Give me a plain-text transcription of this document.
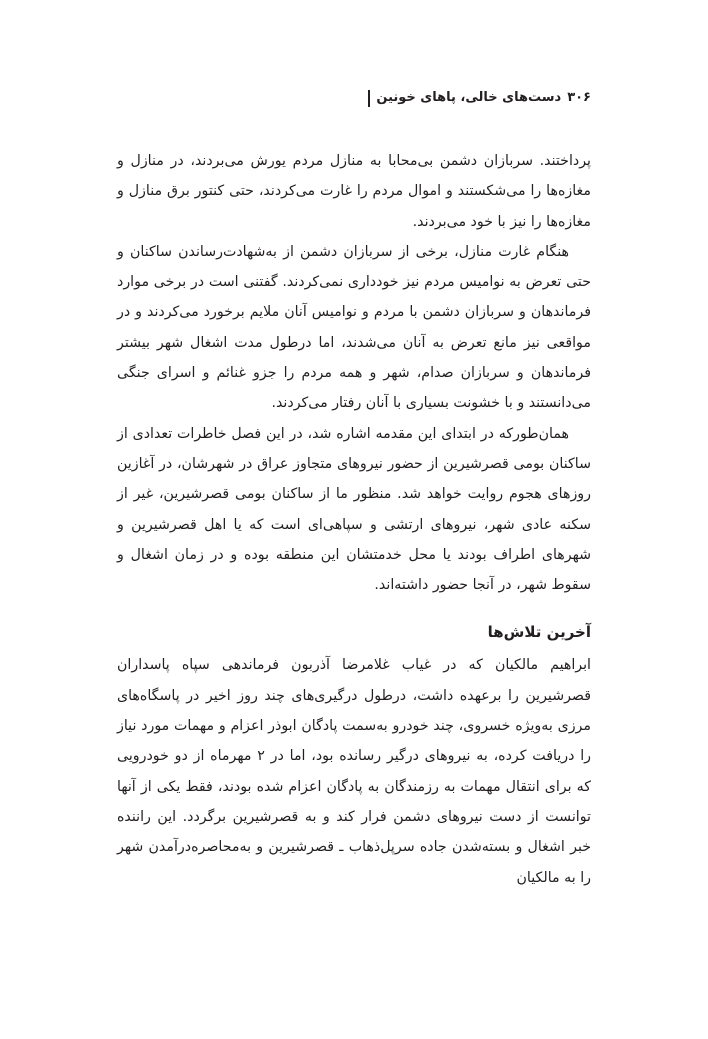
۳۰۶
دست‌های خالی، پاهای خونین

پرداختند. سربازان دشمن بی‌محابا به منازل مردم یورش می‌بردند، در منازل و مغازه‌ها را می‌شکستند و اموال مردم را غارت می‌کردند، حتی کنتور برق منازل و مغازه‌ها را نیز با خود می‌بردند.

هنگام غارت منازل، برخی از سربازان دشمن از به‌شهادت‌رساندن ساکنان و حتی تعرض به نوامیس مردم نیز خودداری نمی‌کردند. گفتنی است در برخی موارد فرماندهان و سربازان دشمن با مردم و نوامیس آنان ملایم برخورد می‌کردند و در مواقعی نیز مانع تعرض به آنان می‌شدند، اما درطول مدت اشغال شهر بیشتر فرماندهان و سربازان صدام، شهر و همه مردم را جزو غنائم و اسرای جنگی می‌دانستند و با خشونت بسیاری با آنان رفتار می‌کردند.

همان‌طورکه در ابتدای این مقدمه اشاره شد، در این فصل خاطرات تعدادی از ساکنان بومی قصرشیرین از حضور نیروهای متجاوز عراق در شهرشان، در آغازین روزهای هجوم روایت خواهد شد. منظور ما از ساکنان بومی قصرشیرین، غیر از سکنه عادی شهر، نیروهای ارتشی و سپاهی‌ای است که یا اهل قصرشیرین و شهرهای اطراف بودند یا محل خدمتشان این منطقه بوده و در زمان اشغال و سقوط شهر، در آنجا حضور داشته‌اند.

آخرین تلاش‌ها

ابراهیم مالکیان که در غیاب غلامرضا آذربون فرماندهی سپاه پاسداران قصرشیرین را برعهده داشت، درطول درگیری‌های چند روز اخیر در پاسگاه‌های مرزی به‌ویژه خسروی، چند خودرو به‌سمت پادگان ابوذر اعزام و مهمات مورد نیاز را دریافت کرده، به نیروهای درگیر رسانده بود، اما در ۲ مهرماه از دو خودرویی که برای انتقال مهمات به رزمندگان به پادگان اعزام شده بودند، فقط یکی از آنها توانست از دست نیروهای دشمن فرار کند و به قصرشیرین برگردد. این راننده خبر اشغال و بسته‌شدن جاده سرپل‌ذهاب ـ قصرشیرین و به‌محاصره‌درآمدن شهر را به مالکیان
